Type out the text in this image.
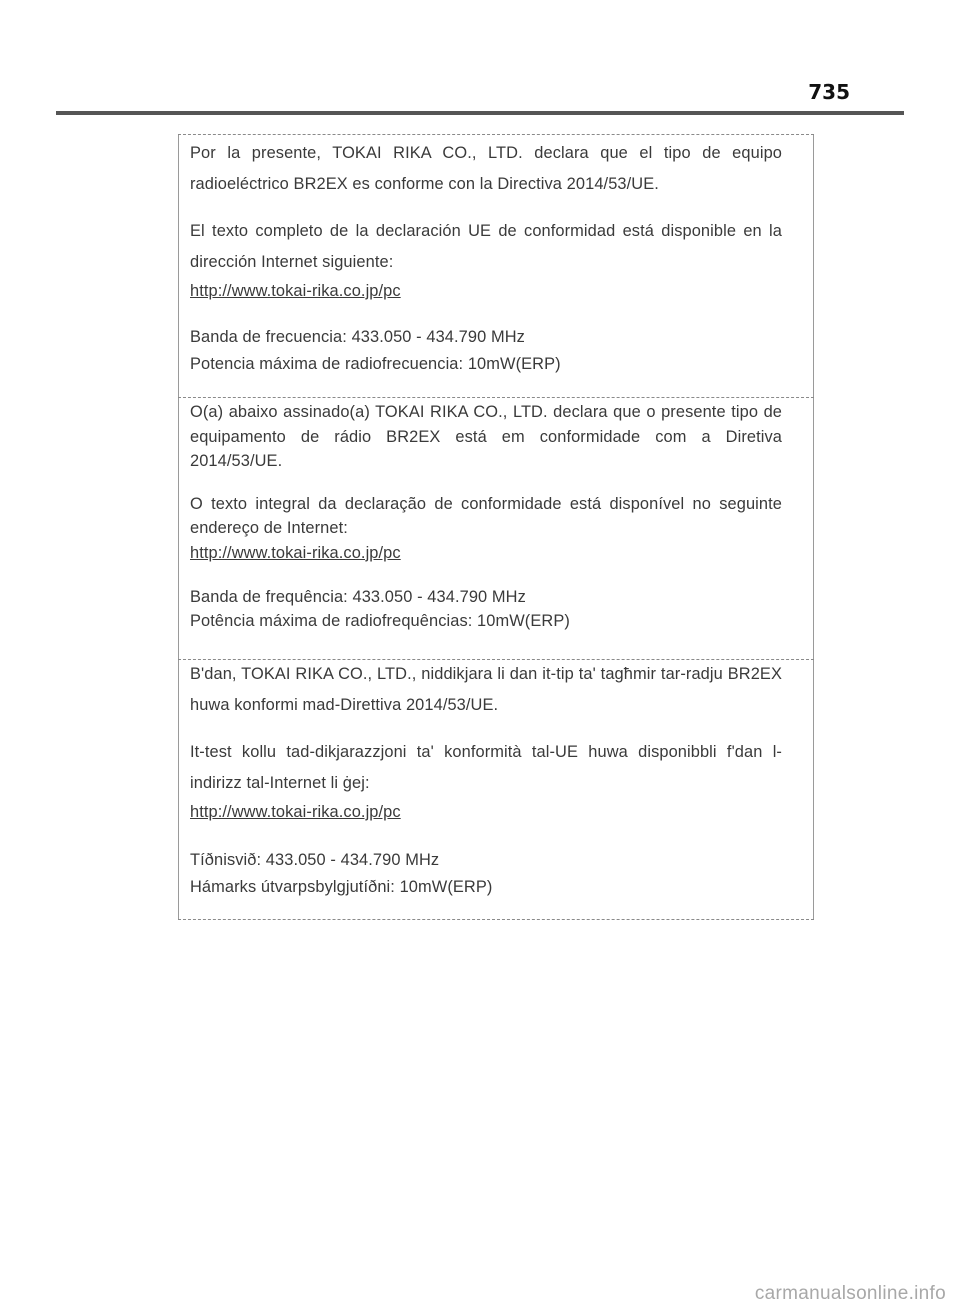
735

Por la presente, TOKAI RIKA CO., LTD. declara que el tipo de equipo radioeléctrico BR2EX es conforme con la Directiva 2014/53/UE.

El texto completo de la declaración UE de conformidad está disponible en la dirección Internet siguiente:

http://www.tokai-rika.co.jp/pc

Banda de frecuencia: 433.050 - 434.790 MHz

Potencia máxima de radiofrecuencia: 10mW(ERP)

O(a) abaixo assinado(a) TOKAI RIKA CO., LTD. declara que o presente tipo de equipamento de rádio BR2EX está em conformidade com a Diretiva 2014/53/UE.

O texto integral da declaração de conformidade está disponível no seguinte endereço de Internet:

http://www.tokai-rika.co.jp/pc

Banda de frequência: 433.050 - 434.790 MHz

Potência máxima de radiofrequências: 10mW(ERP)

B'dan, TOKAI RIKA CO., LTD., niddikjara li dan it-tip ta' tagħmir tar-radju BR2EX huwa konformi mad-Direttiva 2014/53/UE.

It-test kollu tad-dikjarazzjoni ta' konformità tal-UE huwa disponibbli f'dan l-indirizz tal-Internet li ġej:

http://www.tokai-rika.co.jp/pc

Tíðnisvið: 433.050 - 434.790 MHz

Hámarks útvarpsbylgjutíðni: 10mW(ERP)

carmanualsonline.info
